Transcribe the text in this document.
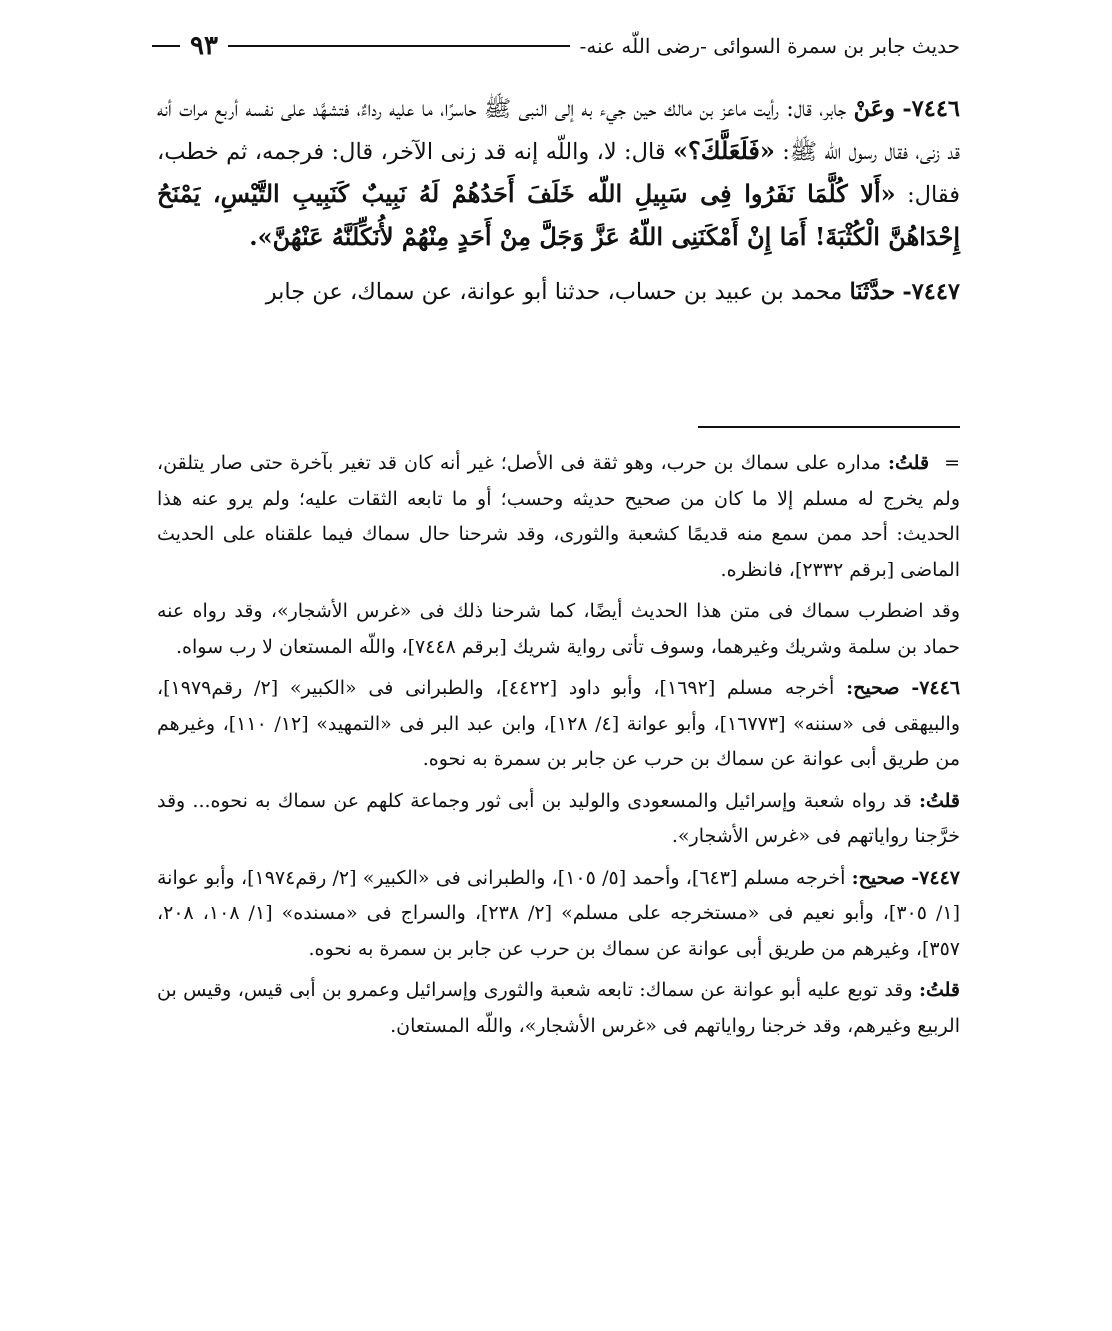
حديث جابر بن سمرة السوائى -رضى اللّه عنه-
٩٣

٧٤٤٦- وعَنْ جابر، قال: رأيت ماعز بن مالك حين جيء به إلى النبى ﷺ حاسرًا، ما عليه رداءٌ، فتشهَّد على نفسه أربع مرات أنه قد زنى، فقال رسول اللّه ﷺ: «فَلَعَلَّكَ؟» قال: لا، واللّه إنه قد زنى الآخر، قال: فرجمه، ثم خطب، فقال: «أَلا كُلَّمَا نَفَرُوا فِى سَبِيلِ اللّه خَلَفَ أَحَدُهُمْ لَهُ نَبِيبٌ كَنَبِيبِ التَّيْسِ، يَمْنَحُ إِحْدَاهُنَّ الْكُثْبَةَ! أَمَا إِنْ أَمْكَنَنِى اللّهُ عَزَّ وَجَلَّ مِنْ أَحَدٍ مِنْهُمْ لأُنَكِّلَنَّهُ عَنْهُنَّ».

٧٤٤٧- حدَّثَنَا محمد بن عبيد بن حساب، حدثنا أبو عوانة، عن سماك، عن جابر

= قلتُ: مداره على سماك بن حرب، وهو ثقة فى الأصل؛ غير أنه كان قد تغير بآخرة حتى صار يتلقن، ولم يخرج له مسلم إلا ما كان من صحيح حديثه وحسب؛ أو ما تابعه الثقات عليه؛ ولم يرو عنه هذا الحديث: أحد ممن سمع منه قديمًا كشعبة والثورى، وقد شرحنا حال سماك فيما علقناه على الحديث الماضى [برقم ٢٣٣٢]، فانظره.

وقد اضطرب سماك فى متن هذا الحديث أيضًا، كما شرحنا ذلك فى «غرس الأشجار»، وقد رواه عنه حماد بن سلمة وشريك وغيرهما، وسوف تأتى رواية شريك [برقم ٧٤٤٨]، واللّه المستعان لا رب سواه.

٧٤٤٦- صحيح: أخرجه مسلم [١٦٩٢]، وأبو داود [٤٤٢٢]، والطبرانى فى «الكبير» [٢/ رقم١٩٧٩]، والبيهقى فى «سننه» [١٦٧٧٣]، وأبو عوانة [٤/ ١٢٨]، وابن عبد البر فى «التمهيد» [١٢/ ١١٠]، وغيرهم من طريق أبى عوانة عن سماك بن حرب عن جابر بن سمرة به نحوه.

قلتُ: قد رواه شعبة وإسرائيل والمسعودى والوليد بن أبى ثور وجماعة كلهم عن سماك به نحوه... وقد خرَّجنا رواياتهم فى «غرس الأشجار».

٧٤٤٧- صحيح: أخرجه مسلم [٦٤٣]، وأحمد [٥/ ١٠٥]، والطبرانى فى «الكبير» [٢/ رقم١٩٧٤]، وأبو عوانة [١/ ٣٠٥]، وأبو نعيم فى «مستخرجه على مسلم» [٢/ ٢٣٨]، والسراج فى «مسنده» [١/ ١٠٨، ٢٠٨، ٣٥٧]، وغيرهم من طريق أبى عوانة عن سماك بن حرب عن جابر بن سمرة به نحوه.

قلتُ: وقد توبع عليه أبو عوانة عن سماك: تابعه شعبة والثورى وإسرائيل وعمرو بن أبى قيس، وقيس بن الربيع وغيرهم، وقد خرجنا رواياتهم فى «غرس الأشجار»، واللّه المستعان.
